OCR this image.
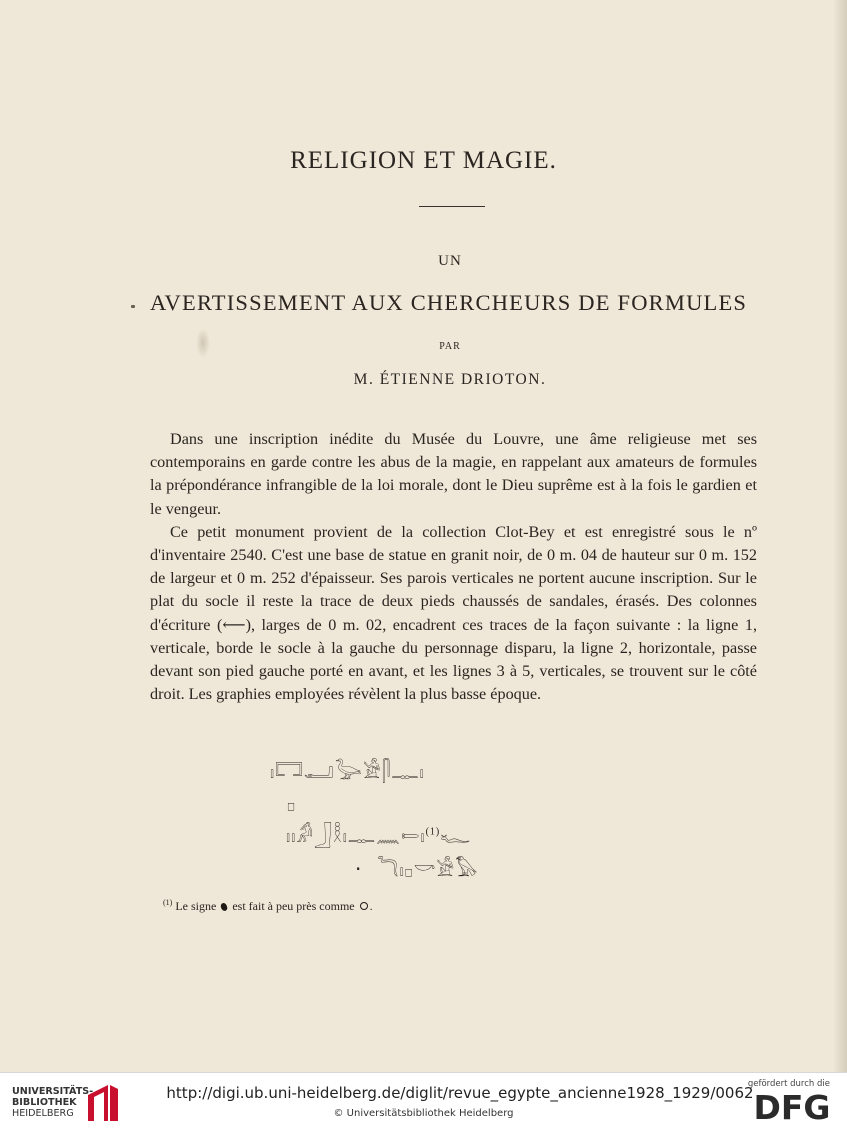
RELIGION ET MAGIE.
UN
AVERTISSEMENT AUX CHERCHEURS DE FORMULES
PAR
M. ÉTIENNE DRIOTON.

Dans une inscription inédite du Musée du Louvre, une âme religieuse met ses contemporains en garde contre les abus de la magie, en rappelant aux amateurs de formules la prépondérance infrangible de la loi morale, dont le Dieu suprême est à la fois le gardien et le vengeur.

Ce petit monument provient de la collection Clot-Bey et est enregistré sous le nº d'inventaire 2540. C'est une base de statue en granit noir, de 0 m. 04 de hauteur sur 0 m. 152 de largeur et 0 m. 252 d'épaisseur. Ses parois verticales ne portent aucune inscription. Sur le plat du socle il reste la trace de deux pieds chaussés de sandales, érasés. Des colonnes d'écriture (⟵), larges de 0 m. 02, encadrent ces traces de la façon suivante : la ligne 1, verticale, borde le socle à la gauche du personnage disparu, la ligne 2, horizontale, passe devant son pied gauche porté en avant, et les lignes 3 à 5, verticales, se trouvent sur le côté droit. Les graphies employées révèlent la plus basse époque.

𓏤𓉐𓂝𓅬𓀀𓋴𓊃𓏤
𓊪
𓏤𓏤𓀔𓃀𓎛𓏤𓊃𓈖𓍿𓏤$^{(1)}$𓆑
·  𓆓𓏤𓊪𓎡𓀀𓅃
$^{(1)}$ Le signe est fait à peu près comme .
UNIVERSITÄTS-
BIBLIOTHEK
HEIDELBERG
http://digi.ub.uni-heidelberg.de/diglit/revue_egypte_ancienne1928_1929/0062
© Universitätsbibliothek Heidelberg
gefördert durch die
DFG
